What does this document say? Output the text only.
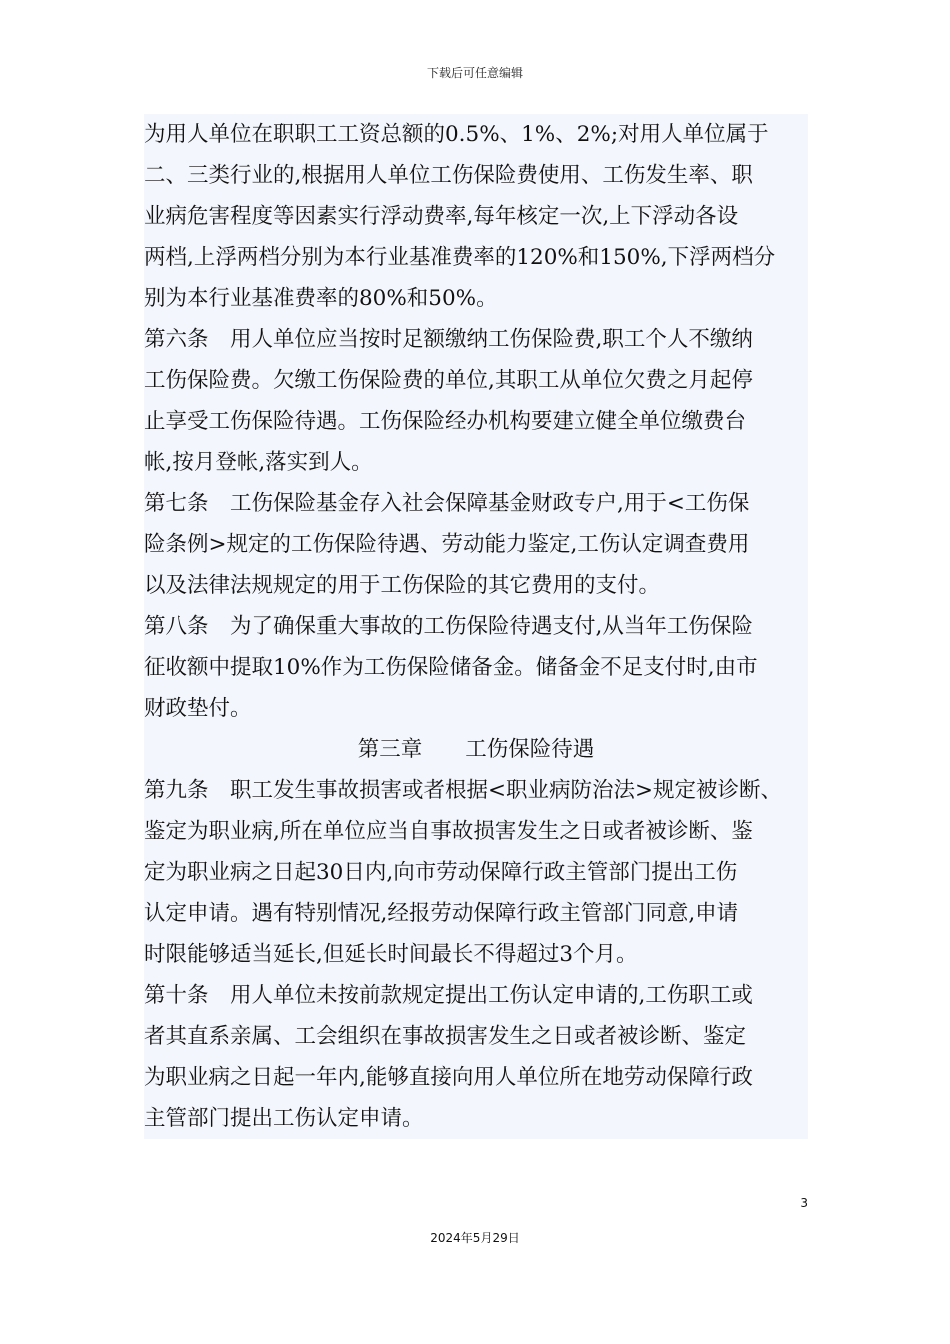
下载后可任意编辑
为用人单位在职职工工资总额的0.5%、1%、2%;对用人单位属于
二、三类行业的,根据用人单位工伤保险费使用、工伤发生率、职
业病危害程度等因素实行浮动费率,每年核定一次,上下浮动各设
两档,上浮两档分别为本行业基准费率的120%和150%,下浮两档分
别为本行业基准费率的80%和50%。
第六条　用人单位应当按时足额缴纳工伤保险费,职工个人不缴纳
工伤保险费。欠缴工伤保险费的单位,其职工从单位欠费之月起停
止享受工伤保险待遇。工伤保险经办机构要建立健全单位缴费台
帐,按月登帐,落实到人。
第七条　工伤保险基金存入社会保障基金财政专户,用于<工伤保
险条例>规定的工伤保险待遇、劳动能力鉴定,工伤认定调查费用
以及法律法规规定的用于工伤保险的其它费用的支付。
第八条　为了确保重大事故的工伤保险待遇支付,从当年工伤保险
征收额中提取10%作为工伤保险储备金。储备金不足支付时,由市
财政垫付。
第三章　　工伤保险待遇
第九条　职工发生事故损害或者根据<职业病防治法>规定被诊断、
鉴定为职业病,所在单位应当自事故损害发生之日或者被诊断、鉴
定为职业病之日起30日内,向市劳动保障行政主管部门提出工伤
认定申请。遇有特别情况,经报劳动保障行政主管部门同意,申请
时限能够适当延长,但延长时间最长不得超过3个月。
第十条　用人单位未按前款规定提出工伤认定申请的,工伤职工或
者其直系亲属、工会组织在事故损害发生之日或者被诊断、鉴定
为职业病之日起一年内,能够直接向用人单位所在地劳动保障行政
主管部门提出工伤认定申请。
3
2024年5月29日
